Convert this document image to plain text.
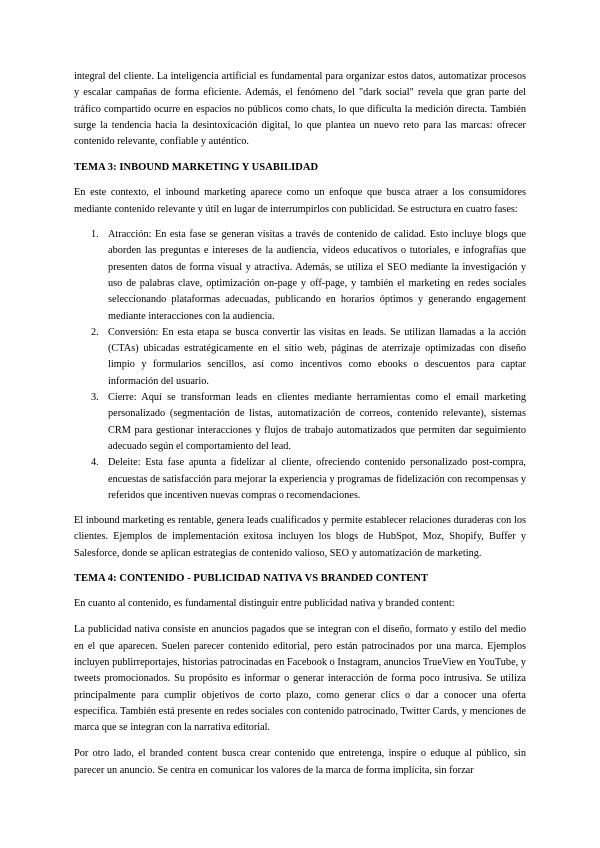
integral del cliente. La inteligencia artificial es fundamental para organizar estos datos, automatizar procesos y escalar campañas de forma eficiente. Además, el fenómeno del "dark social" revela que gran parte del tráfico compartido ocurre en espacios no públicos como chats, lo que dificulta la medición directa. También surge la tendencia hacia la desintoxicación digital, lo que plantea un nuevo reto para las marcas: ofrecer contenido relevante, confiable y auténtico.

TEMA 3: INBOUND MARKETING Y USABILIDAD

En este contexto, el inbound marketing aparece como un enfoque que busca atraer a los consumidores mediante contenido relevante y útil en lugar de interrumpirlos con publicidad. Se estructura en cuatro fases:

1. Atracción: En esta fase se generan visitas a través de contenido de calidad. Esto incluye blogs que aborden las preguntas e intereses de la audiencia, videos educativos o tutoriales, e infografías que presenten datos de forma visual y atractiva. Además, se utiliza el SEO mediante la investigación y uso de palabras clave, optimización on-page y off-page, y también el marketing en redes sociales seleccionando plataformas adecuadas, publicando en horarios óptimos y generando engagement mediante interacciones con la audiencia.

2. Conversión: En esta etapa se busca convertir las visitas en leads. Se utilizan llamadas a la acción (CTAs) ubicadas estratégicamente en el sitio web, páginas de aterrizaje optimizadas con diseño limpio y formularios sencillos, así como incentivos como ebooks o descuentos para captar información del usuario.

3. Cierre: Aquí se transforman leads en clientes mediante herramientas como el email marketing personalizado (segmentación de listas, automatización de correos, contenido relevante), sistemas CRM para gestionar interacciones y flujos de trabajo automatizados que permiten dar seguimiento adecuado según el comportamiento del lead.

4. Deleite: Esta fase apunta a fidelizar al cliente, ofreciendo contenido personalizado post-compra, encuestas de satisfacción para mejorar la experiencia y programas de fidelización con recompensas y referidos que incentiven nuevas compras o recomendaciones.

El inbound marketing es rentable, genera leads cualificados y permite establecer relaciones duraderas con los clientes. Ejemplos de implementación exitosa incluyen los blogs de HubSpot, Moz, Shopify, Buffer y Salesforce, donde se aplican estrategias de contenido valioso, SEO y automatización de marketing.

TEMA 4: CONTENIDO - PUBLICIDAD NATIVA VS BRANDED CONTENT

En cuanto al contenido, es fundamental distinguir entre publicidad nativa y branded content:

La publicidad nativa consiste en anuncios pagados que se integran con el diseño, formato y estilo del medio en el que aparecen. Suelen parecer contenido editorial, pero están patrocinados por una marca. Ejemplos incluyen publirreportajes, historias patrocinadas en Facebook o Instagram, anuncios TrueView en YouTube, y tweets promocionados. Su propósito es informar o generar interacción de forma poco intrusiva. Se utiliza principalmente para cumplir objetivos de corto plazo, como generar clics o dar a conocer una oferta específica. También está presente en redes sociales con contenido patrocinado, Twitter Cards, y menciones de marca que se integran con la narrativa editorial.

Por otro lado, el branded content busca crear contenido que entretenga, inspire o eduque al público, sin parecer un anuncio. Se centra en comunicar los valores de la marca de forma implícita, sin forzar
